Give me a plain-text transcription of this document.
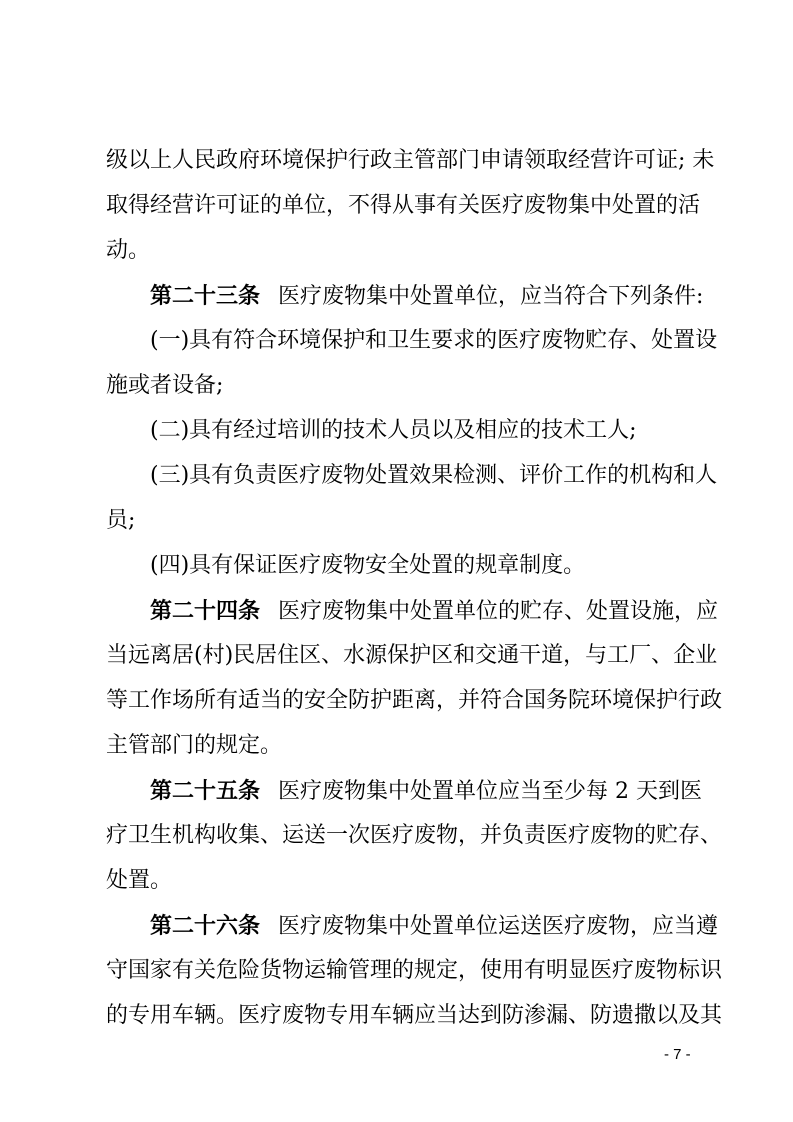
级以上人民政府环境保护行政主管部门申请领取经营许可证; 未
取得经营许可证的单位，不得从事有关医疗废物集中处置的活
动。
第二十三条 医疗废物集中处置单位，应当符合下列条件:
(一)具有符合环境保护和卫生要求的医疗废物贮存、处置设
施或者设备;
(二)具有经过培训的技术人员以及相应的技术工人;
(三)具有负责医疗废物处置效果检测、评价工作的机构和人
员;
(四)具有保证医疗废物安全处置的规章制度。
第二十四条 医疗废物集中处置单位的贮存、处置设施，应
当远离居(村)民居住区、水源保护区和交通干道，与工厂、企业
等工作场所有适当的安全防护距离，并符合国务院环境保护行政
主管部门的规定。
第二十五条 医疗废物集中处置单位应当至少每 2 天到医
疗卫生机构收集、运送一次医疗废物，并负责医疗废物的贮存、
处置。
第二十六条 医疗废物集中处置单位运送医疗废物，应当遵
守国家有关危险货物运输管理的规定，使用有明显医疗废物标识
的专用车辆。医疗废物专用车辆应当达到防渗漏、防遗撒以及其
- 7 -
